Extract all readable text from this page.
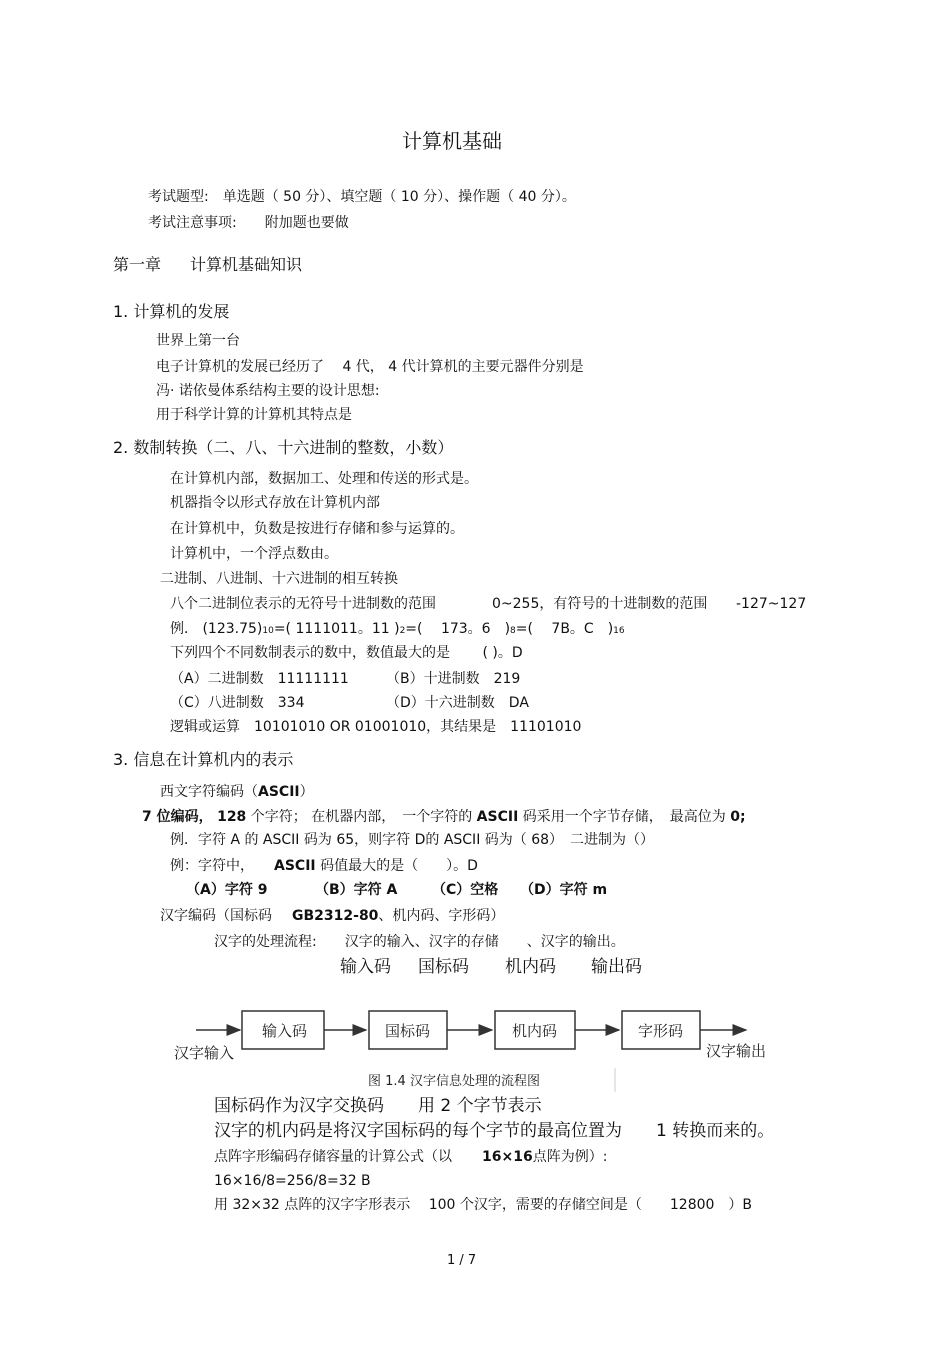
计算机基础
考试题型:　单选题（ 50 分）、填空题（ 10 分）、操作题（ 40 分）。
考试注意事项:　　附加题也要做
第一章 计算机基础知识
1. 计算机的发展
世界上第一台
电子计算机的发展已经历了　 4 代， 4 代计算机的主要元器件分别是
冯· 诺依曼体系结构主要的设计思想:
用于科学计算的计算机其特点是
2. 数制转换（二、八、十六进制的整数，小数）
在计算机内部，数据加工、处理和传送的形式是。
机器指令以形式存放在计算机内部
在计算机中，负数是按进行存储和参与运算的。
计算机中，一个浮点数由。
二进制、八进制、十六进制的相互转换
八个二进制位表示的无符号十进制数的范围	0~255，有符号的十进制数的范围 -127~127
例． (123.75)10=( 1111011。11 )2=(　 173。6　)8=(　 7B。C　)16
下列四个不同数制表示的数中，数值最大的是　　 ( )。D
（A）二进制数　11111111	（B）十进制数　219
（C）八进制数　334	（D）十六进制数　DA
逻辑或运算　10101010 OR 01001010，其结果是　11101010
3. 信息在计算机内的表示
西文字符编码（ASCII）
7 位编码， 128 个字符； 在机器内部，　一个字符的 ASCII 码采用一个字节存储，　最高位为 0;
例．字符 A 的 ASCII 码为 65，则字符 D的 ASCII 码为（ 68）　二进制为（）
例：字符中， ASCII 码值最大的是（　　）。D
（A）字符 9	（B）字符 A （C）空格 （D）字符 m
汉字编码（国标码 GB2312-80、机内码、字形码）
汉字的处理流程:　　汉字的输入、汉字的存储　　、汉字的输出。
输入码 国标码 机内码 输出码
输入码	国标码	机内码	字形码
汉字输入	汉字输出
图 1.4 汉字信息处理的流程图
国标码作为汉字交换码　　用 2 个字节表示
汉字的机内码是将汉字国标码的每个字节的最高位置为　　1 转换而来的。
点阵字形编码存储容量的计算公式（以 16×16点阵为例）:
16×16/8=256/8=32 B
用 32×32 点阵的汉字字形表示　 100 个汉字，需要的存储空间是（　　12800　）B
1 / 7
